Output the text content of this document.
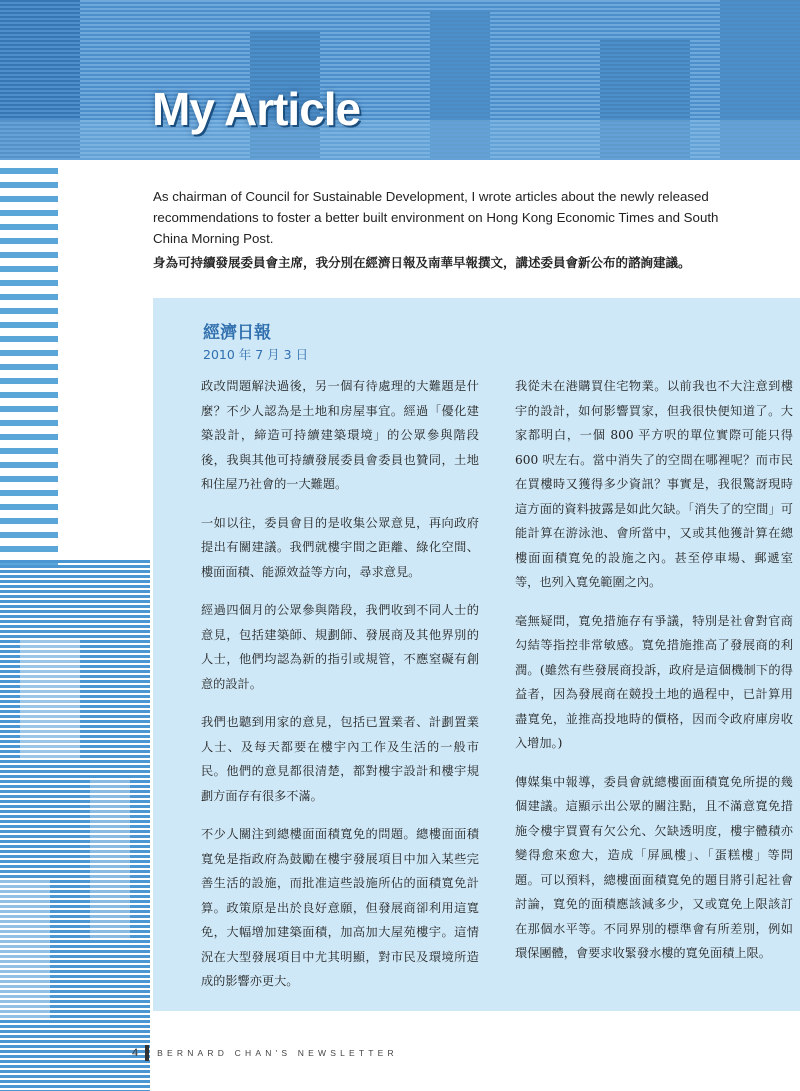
My Article

As chairman of Council for Sustainable Development, I wrote articles about the newly released recommendations to foster a better built environment on Hong Kong Economic Times and South China Morning Post.

身為可持續發展委員會主席，我分別在經濟日報及南華早報撰文，講述委員會新公布的諮詢建議。

經濟日報

2010 年 7 月 3 日

政改問題解決過後，另一個有待處理的大難題是什麼？不少人認為是土地和房屋事宜。經過「優化建築設計，締造可持續建築環境」的公眾參與階段後，我與其他可持續發展委員會委員也贊同，土地和住屋乃社會的一大難題。

一如以往，委員會目的是收集公眾意見，再向政府提出有關建議。我們就樓宇間之距離、綠化空間、樓面面積、能源效益等方向，尋求意見。

經過四個月的公眾參與階段，我們收到不同人士的意見，包括建築師、規劃師、發展商及其他界別的人士，他們均認為新的指引或規管，不應窒礙有創意的設計。

我們也聽到用家的意見，包括已置業者、計劃置業人士、及每天都要在樓宇內工作及生活的一般市民。他們的意見都很清楚，都對樓宇設計和樓宇規劃方面存有很多不滿。

不少人關注到總樓面面積寬免的問題。總樓面面積寬免是指政府為鼓勵在樓宇發展項目中加入某些完善生活的設施，而批准這些設施所佔的面積寬免計算。政策原是出於良好意願，但發展商卻利用這寬免，大幅增加建築面積，加高加大屋苑樓宇。這情況在大型發展項目中尤其明顯，對市民及環境所造成的影響亦更大。

我從未在港購買住宅物業。以前我也不大注意到樓宇的設計，如何影響買家，但我很快便知道了。大家都明白，一個 800 平方呎的單位實際可能只得 600 呎左右。當中消失了的空間在哪裡呢？而市民在買樓時又獲得多少資訊？事實是，我很驚訝現時這方面的資料披露是如此欠缺。「消失了的空間」可能計算在游泳池、會所當中，又或其他獲計算在總樓面面積寬免的設施之內。甚至停車場、郵遞室等，也列入寬免範圍之內。

毫無疑問，寬免措施存有爭議，特別是社會對官商勾結等指控非常敏感。寬免措施推高了發展商的利潤。(雖然有些發展商投訴，政府是這個機制下的得益者，因為發展商在競投土地的過程中，已計算用盡寬免，並推高投地時的價格，因而令政府庫房收入增加。)

傳媒集中報導，委員會就總樓面面積寬免所提的幾個建議。這顯示出公眾的關注點，且不滿意寬免措施令樓宇買賣有欠公允、欠缺透明度，樓宇體積亦變得愈來愈大，造成「屏風樓」、「蛋糕樓」等問題。可以預料，總樓面面積寬免的題目將引起社會討論，寬免的面積應該減多少，又或寬免上限該訂在那個水平等。不同界別的標準會有所差別，例如環保團體，會要求收緊發水樓的寬免面積上限。

4 BERNARD CHAN'S NEWSLETTER
